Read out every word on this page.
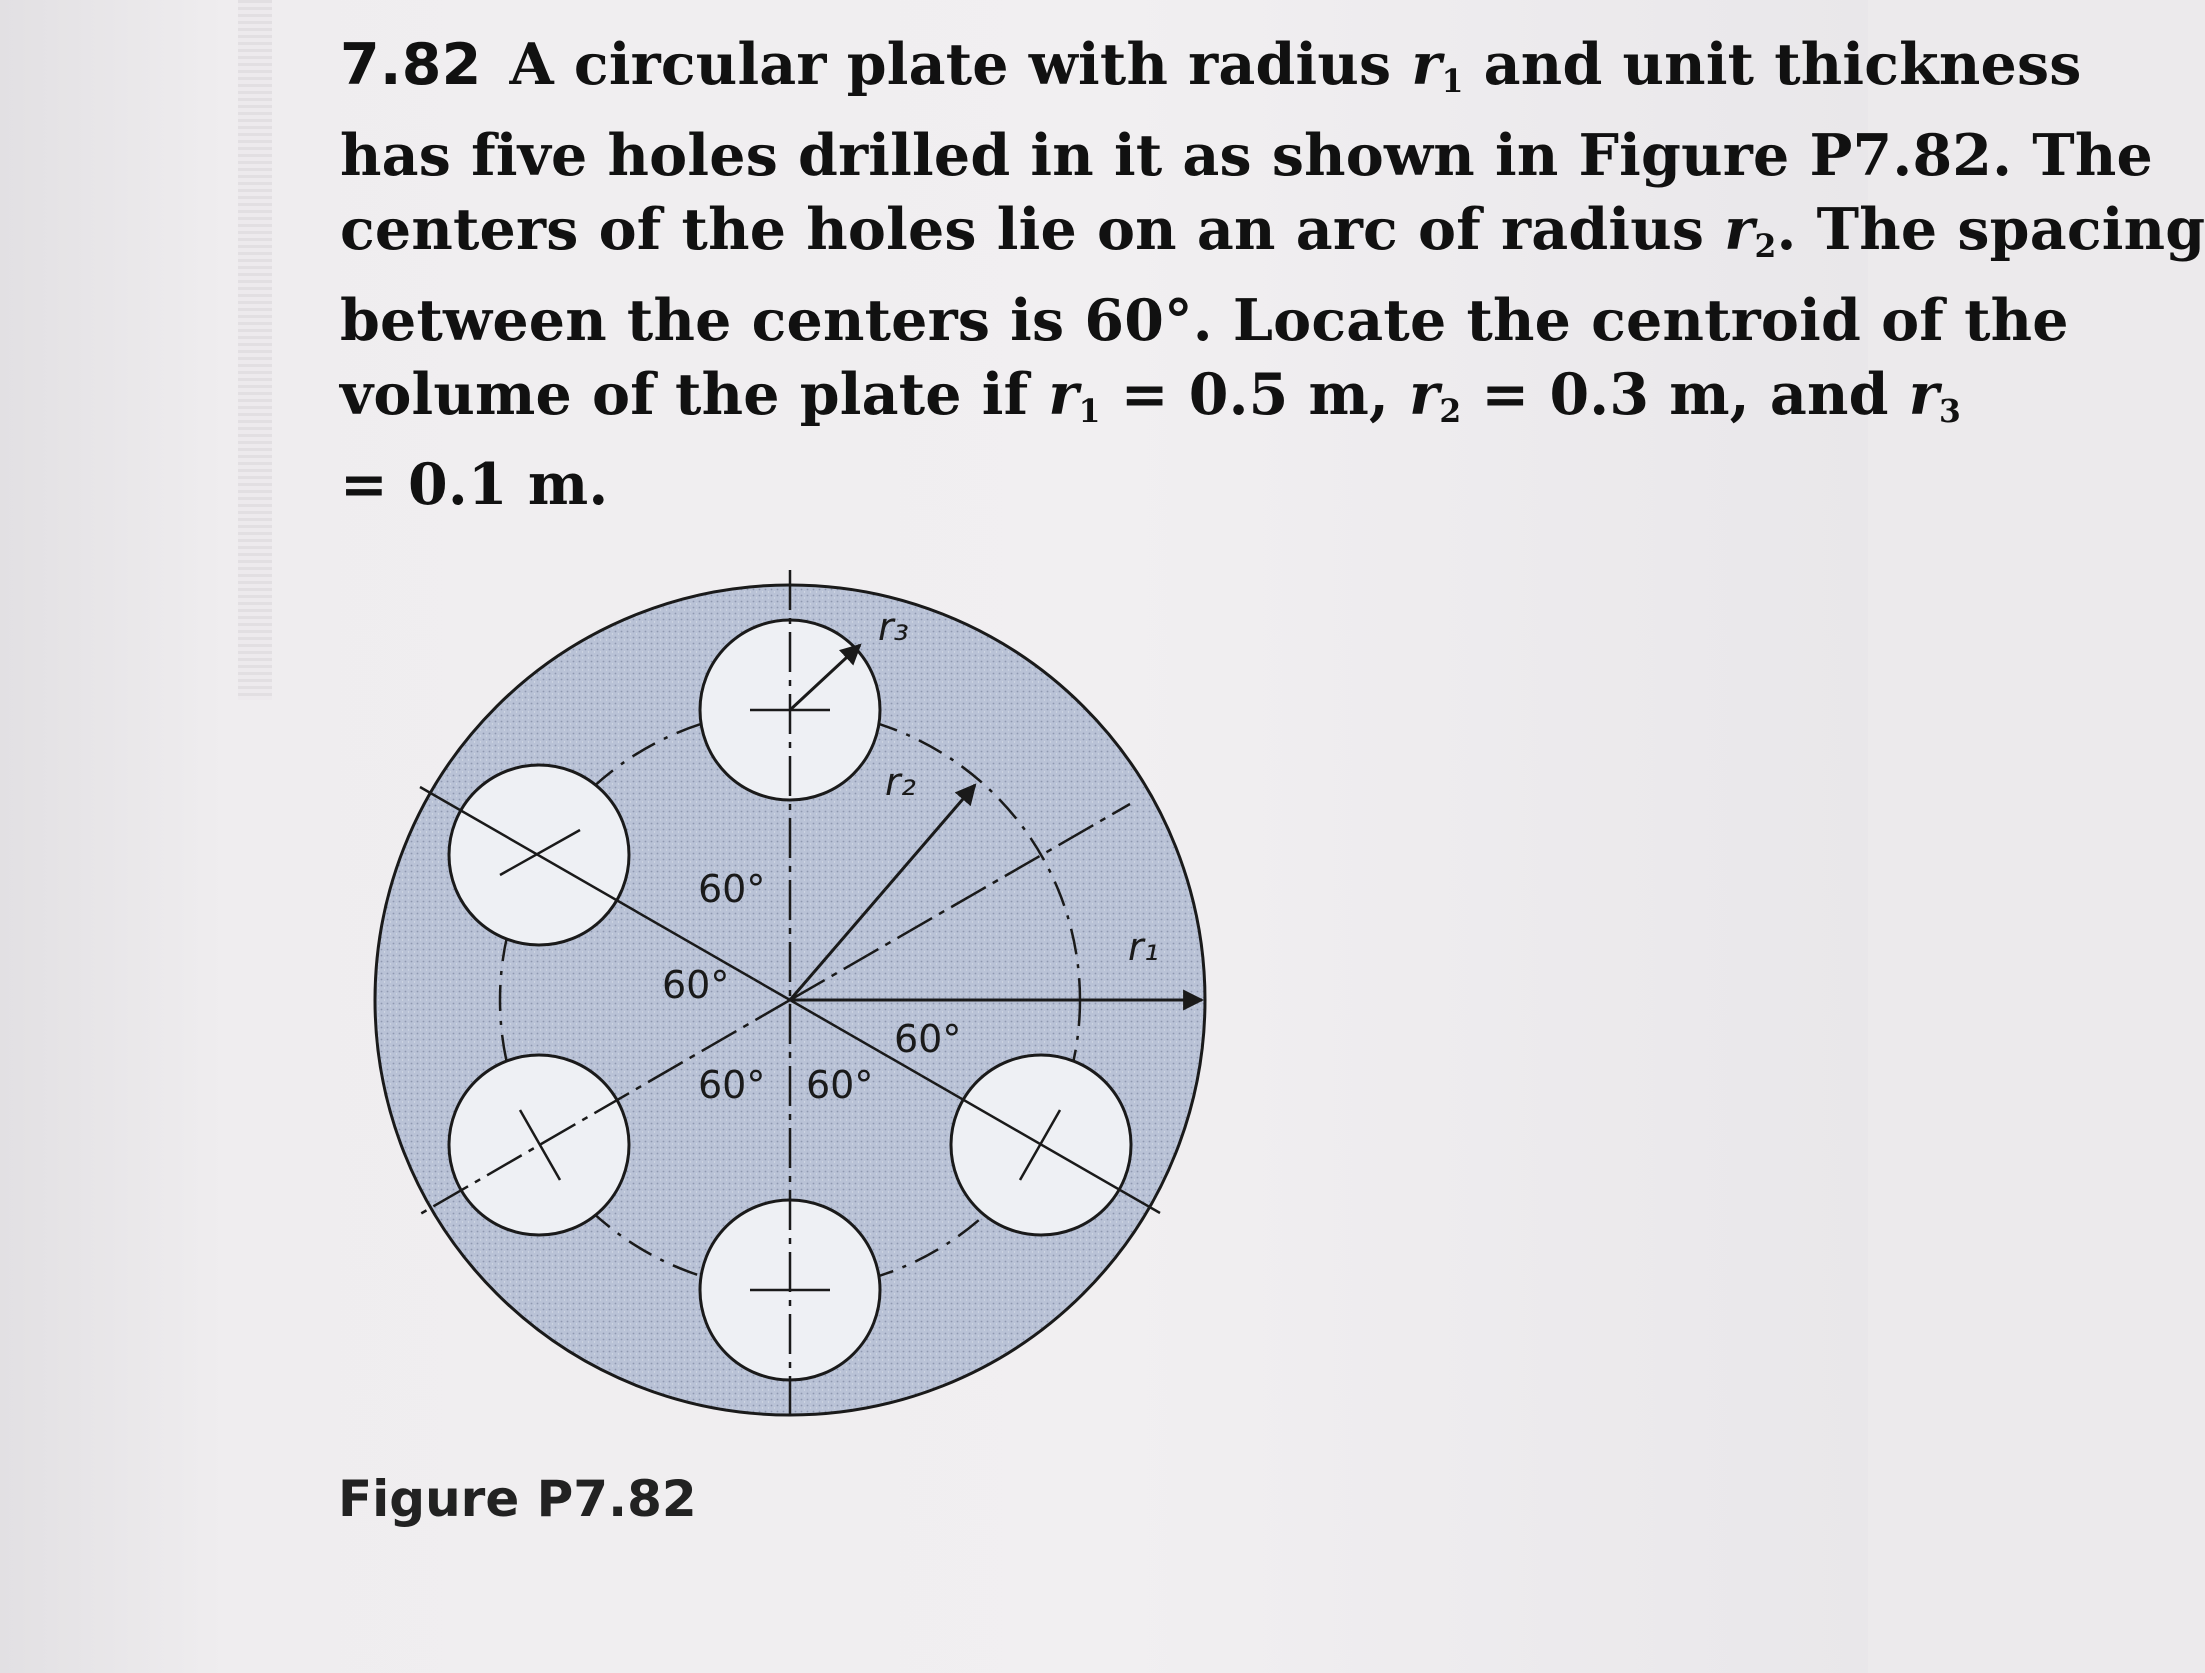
7.82 A circular plate with radius $r_1$ and unit thickness
has five holes drilled in it as shown in Figure P7.82. The
centers of the holes lie on an arc of radius $r_2$. The spacing
between the centers is 60°. Locate the centroid of the
volume of the plate if $r_1 = 0.5$ m, $r_2 = 0.3$ m, and $r_3$
= 0.1 m.
r₃
r₂
r₁
60°
60°
60° 60°
60°
Figure P7.82
